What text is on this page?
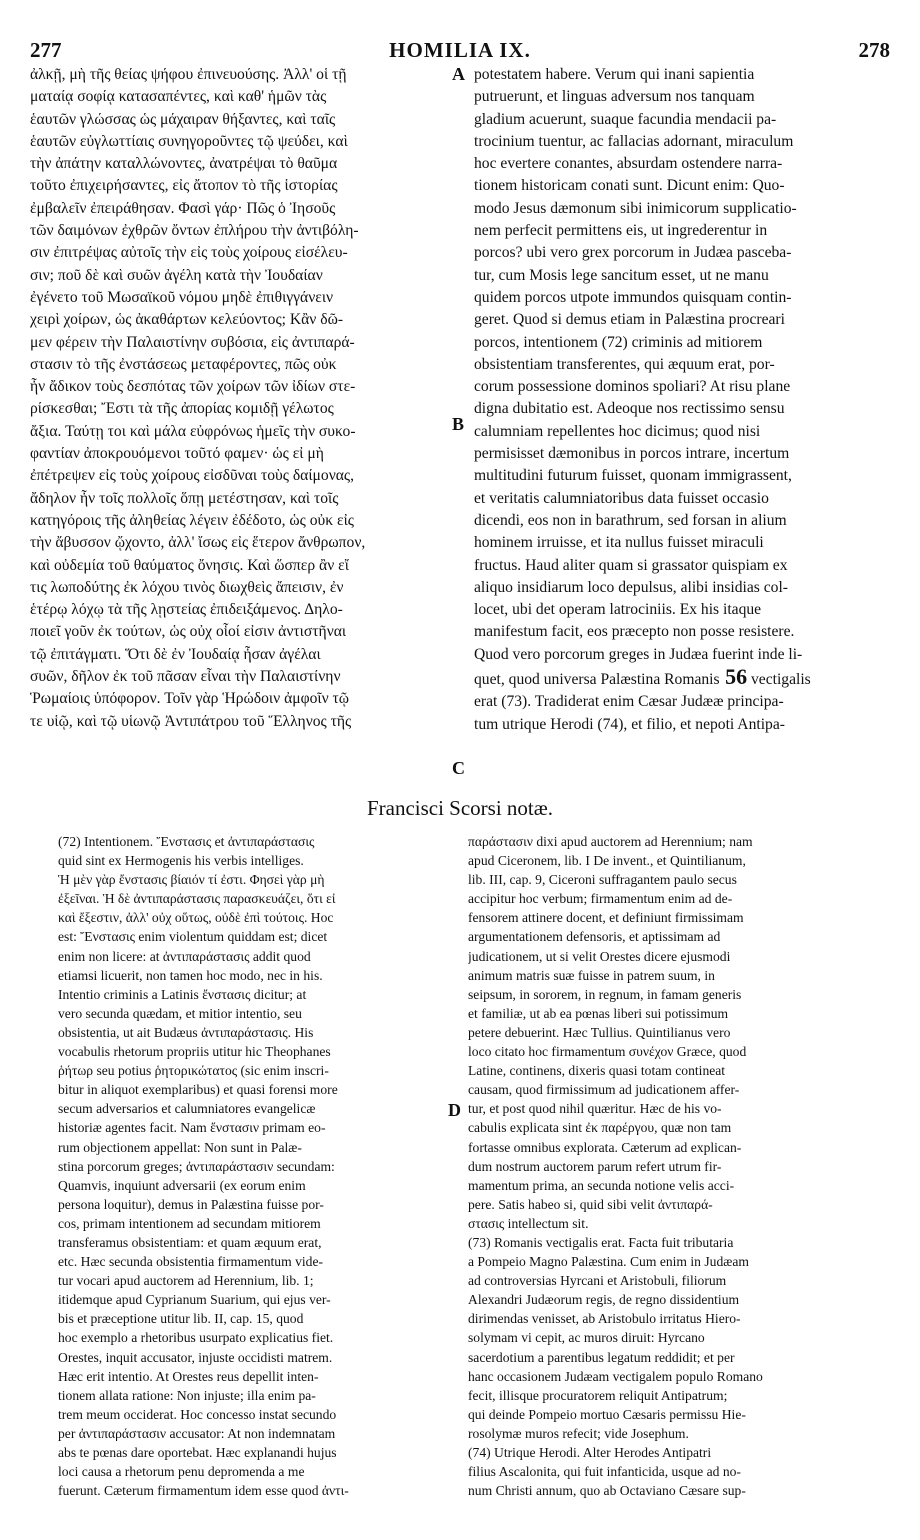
277	HOMILIA IX.	278
ἀλκῇ, μὴ τῆς θείας ψήφου ἐπινευούσης. Ἀλλ' οἱ τῇ
ματαίᾳ σοφίᾳ κατασαπέντες, καὶ καθ' ἡμῶν τὰς
ἑαυτῶν γλώσσας ὡς μάχαιραν θήξαντες, καὶ ταῖς
ἑαυτῶν εὐγλωττίαις συνηγοροῦντες τῷ ψεύδει, καὶ
τὴν ἀπάτην καταλλώνοντες, ἀνατρέψαι τὸ θαῦμα
τοῦτο ἐπιχειρήσαντες, εἰς ἄτοπον τὸ τῆς ἱστορίας
ἐμβαλεῖν ἐπειράθησαν. Φασὶ γάρ· Πῶς ὁ Ἰησοῦς
τῶν δαιμόνων ἐχθρῶν ὄντων ἐπλήρου τὴν ἀντιβόλη-
σιν ἐπιτρέψας αὐτοῖς τὴν εἰς τοὺς χοίρους εἰσέλευ-
σιν; ποῦ δὲ καὶ συῶν ἀγέλη κατὰ τὴν Ἰουδαίαν
ἐγένετο τοῦ Μωσαϊκοῦ νόμου μηδὲ ἐπιθιγγάνειν
χειρὶ χοίρων, ὡς ἀκαθάρτων κελεύοντος; Κἂν δῶ-
μεν φέρειν τὴν Παλαιστίνην συβόσια, εἰς ἀντιπαρά-
στασιν τὸ τῆς ἐνστάσεως μεταφέροντες, πῶς οὐκ
ἦν ἄδικον τοὺς δεσπότας τῶν χοίρων τῶν ἰδίων στε-
ρίσκεσθαι; Ἔστι τὰ τῆς ἀπορίας κομιδῇ γέλωτος
ἄξια. Ταύτῃ τοι καὶ μάλα εὐφρόνως ἡμεῖς τὴν συκο-
φαντίαν ἀποκρουόμενοι τοῦτό φαμεν· ὡς εἰ μὴ
ἐπέτρεψεν εἰς τοὺς χοίρους εἰσδῦναι τοὺς δαίμονας,
ἄδηλον ἦν τοῖς πολλοῖς ὅπῃ μετέστησαν, καὶ τοῖς
κατηγόροις τῆς ἀληθείας λέγειν ἐδέδοτο, ὡς οὐκ εἰς
τὴν ἄβυσσον ᾤχοντο, ἀλλ' ἴσως εἰς ἕτερον ἄνθρωπον,
καὶ οὐδεμία τοῦ θαύματος ὄνησις. Καὶ ὥσπερ ἂν εἴ
τις λωποδύτης ἐκ λόχου τινὸς διωχθεὶς ἄπεισιν, ἐν
ἑτέρῳ λόχῳ τὰ τῆς λῃστείας ἐπιδειξάμενος. Δηλο-
ποιεῖ γοῦν ἐκ τούτων, ὡς οὐχ οἷοί εἰσιν ἀντιστῆναι
τῷ ἐπιτάγματι. Ὅτι δὲ ἐν Ἰουδαίᾳ ἦσαν ἀγέλαι
συῶν, δῆλον ἐκ τοῦ πᾶσαν εἶναι τὴν Παλαιστίνην
Ῥωμαίοις ὑπόφορον. Τοῖν γὰρ Ἡρώδοιν ἀμφοῖν τῷ
τε υἱῷ, καὶ τῷ υἱωνῷ Ἀντιπάτρου τοῦ Ἕλληνος τῆς
potestatem habere. Verum qui inani sapientia
putruerunt, et linguas adversum nos tanquam
gladium acuerunt, suaque facundia mendacii pa-
trocinium tuentur, ac fallacias adornant, miraculum
hoc evertere conantes, absurdam ostendere narra-
tionem historicam conati sunt. Dicunt enim: Quo-
modo Jesus dæmonum sibi inimicorum supplicatio-
nem perfecit permittens eis, ut ingrederentur in
porcos? ubi vero grex porcorum in Judæa pascebа-
tur, cum Mosis lege sancitum esset, ut ne manu
quidem porcos utpote immundos quisquam contin-
geret. Quod si demus etiam in Palæstina procreari
porcos, intentionem (72) criminis ad mitiorem
obsistentiam transferentes, qui æquum erat, por-
corum possessione dominos spoliari? At risu plane
digna dubitatio est. Adeoque nos rectissimo sensu
calumniam repellentes hoc dicimus; quod nisi
permisisset dæmonibus in porcos intrare, incertum
multitudini futurum fuisset, quonam immigrassent,
et veritatis calumniatoribus data fuisset occasio
dicendi, eos non in barathrum, sed forsan in alium
hominem irruisse, et ita nullus fuisset miraculi
fructus. Haud aliter quam si grassator quispiam ex
aliquo insidiarum loco depulsus, alibi insidias col-
locet, ubi det operam latrociniis. Ex his itaque
manifestum facit, eos præcepto non posse resistere.
Quod vero porcorum greges in Judæa fuerint inde li-
quet, quod universa Palæstina Romanis 56 vectigalis
erat (73). Tradiderat enim Cæsar Judææ principa-
tum utrique Herodi (74), et filio, et nepoti Antipa-
A
B
C
D
Francisci Scorsi notæ.
(72) Intentionem. Ἔνστασις et ἀντιπαράστασις
quid sint ex Hermogenis his verbis intelliges.
Ἡ μὲν γὰρ ἔνστασις βίαιόν τί ἐστι. Φησεὶ γὰρ μὴ
ἐξεῖναι. Ἡ δὲ ἀντιπαράστασις παρασκευάζει, ὅτι εἰ
καὶ ἔξεστιν, ἀλλ' οὐχ οὕτως, οὐδὲ ἐπὶ τούτοις. Hoc
est: Ἔνστασις enim violentum quiddam est; dicet
enim non licere: at ἀντιπαράστασις addit quod
etiamsi licuerit, non tamen hoc modo, nec in his.
Intentio criminis a Latinis ἔνστασις dicitur; at
vero secunda quædam, et mitior intentio, seu
obsistentia, ut ait Budæus ἀντιπαράστασις. His
vocabulis rhetorum propriis utitur hic Theophanes
ῥήτωρ seu potius ῥητορικώτατος (sic enim inscri-
bitur in aliquot exemplaribus) et quasi forensi more
secum adversarios et calumniatores evangelicæ
historiæ agentes facit. Nam ἔνστασιν primam eo-
rum objectionem appellat: Non sunt in Palæ-
stina porcorum greges; ἀντιπαράστασιν secundam:
Quamvis, inquiunt adversarii (ex eorum enim
persona loquitur), demus in Palæstina fuisse por-
cos, primam intentionem ad secundam mitiorem
transferamus obsistentiam: et quam æquum erat,
etc. Hæc secunda obsistentia firmamentum vide-
tur vocari apud auctorem ad Herennium, lib. 1;
itidemque apud Cyprianum Suarium, qui ejus ver-
bis et præceptione utitur lib. II, cap. 15, quod
hoc exemplo a rhetoribus usurpato explicatius fiet.
Orestes, inquit accusator, injuste occidisti matrem.
Hæc erit intentio. At Orestes reus depellit inten-
tionem allata ratione: Non injuste; illa enim pa-
trem meum occiderat. Hoc concesso instat secundo
per ἀντιπαράστασιν accusator: At non indemnatam
abs te pœnas dare oportebat. Hæc explanandi hujus
loci causa a rhetorum penu depromenda a me
fuerunt. Cæterum firmamentum idem esse quod ἀντι-
παράστασιν dixi apud auctorem ad Herennium; nam
apud Ciceronem, lib. I De invent., et Quintilianum,
lib. III, cap. 9, Ciceroni suffragantem paulo secus
accipitur hoc verbum; firmamentum enim ad de-
fensorem attinere docent, et definiunt firmissimam
argumentationem defensoris, et aptissimam ad
judicationem, ut si velit Orestes dicere ejusmodi
animum matris suæ fuisse in patrem suum, in
seipsum, in sororem, in regnum, in famam generis
et familiæ, ut ab ea pœnas liberi sui potissimum
petere debuerint. Hæc Tullius. Quintilianus vero
loco citato hoc firmamentum συνέχον Græce, quod
Latine, continens, dixeris quasi totam contineat
causam, quod firmissimum ad judicationem affer-
tur, et post quod nihil quæritur. Hæc de his vo-
cabulis explicata sint ἐκ παρέργου, quæ non tam
fortasse omnibus explorata. Cæterum ad explican-
dum nostrum auctorem parum refert utrum fir-
mamentum prima, an secunda notione velis acci-
pere. Satis habeo si, quid sibi velit ἀντιπαρά-
στασις intellectum sit.
(73) Romanis vectigalis erat. Facta fuit tributaria
a Pompeio Magno Palæstina. Cum enim in Judæam
ad controversias Hyrcani et Aristobuli, filiorum
Alexandri Judæorum regis, de regno dissidentium
dirimendas venisset, ab Aristobulo irritatus Hiero-
solymam vi cepit, ac muros diruit: Hyrcano
sacerdotium a parentibus legatum reddidit; et per
hanc occasionem Judæam vectigalem populo Romano
fecit, illisque procuratorem reliquit Antipatrum;
qui deinde Pompeio mortuo Cæsaris permissu Hie-
rosolymæ muros refecit; vide Josephum.
(74) Utrique Herodi. Alter Herodes Antipatri
filius Ascalonita, qui fuit infanticida, usque ad no-
num Christi annum, quo ab Octaviano Cæsare sup-
